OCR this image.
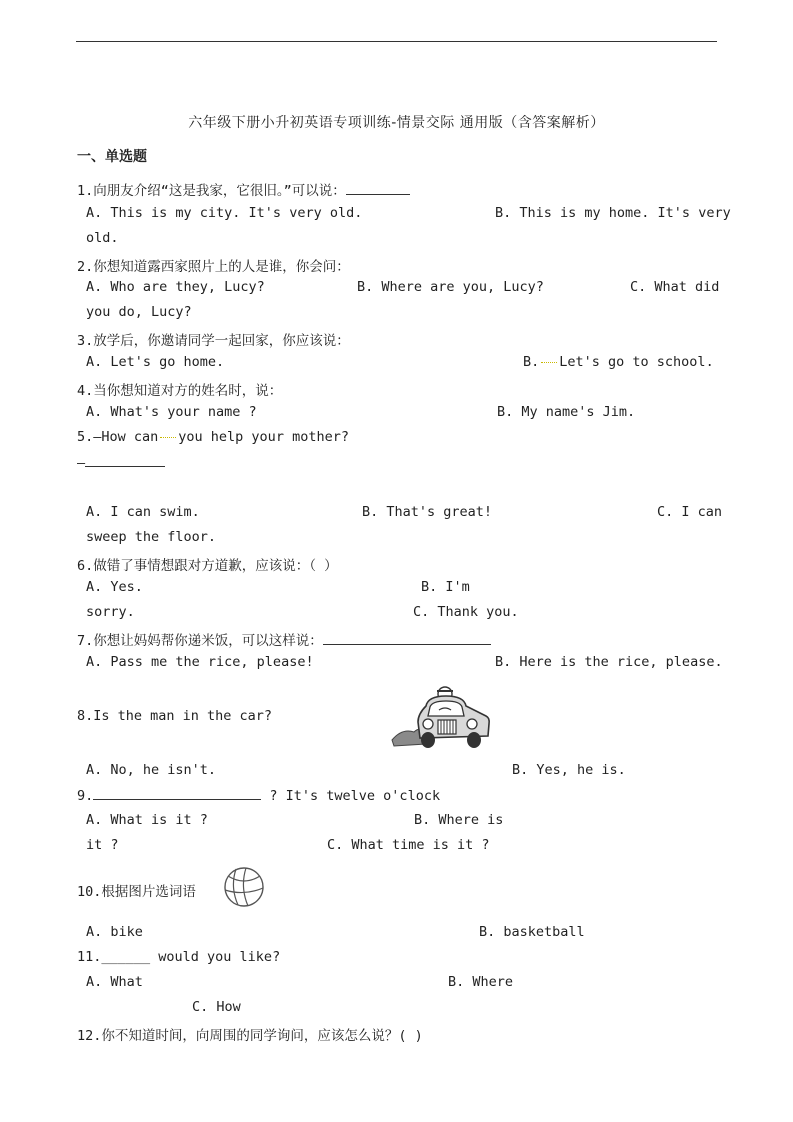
六年级下册小升初英语专项训练-情景交际 通用版（含答案解析）
一、单选题
1.向朋友介绍“这是我家，它很旧。”可以说：
A. This is my city. It's very old.	B. This is my home. It's very
old.
2.你想知道露西家照片上的人是谁，你会问：
A. Who are they, Lucy?	B. Where are you, Lucy?	C. What did
you do, Lucy?
3.放学后，你邀请同学一起回家，你应该说：
A. Let's go home.	B. Let's go to school.
4.当你想知道对方的姓名时，说：
A. What's your name ?	B. My name's Jim.
5.—How can you help your mother?
—
A. I can swim.	B. That's great!	C. I can
sweep the floor.
6.做错了事情想跟对方道歉，应该说：（ ）
A. Yes.	B. I'm
sorry.	C. Thank you.
7.你想让妈妈帮你递米饭，可以这样说：
A. Pass me the rice, please!	B. Here is the rice, please.
8.Is the man in the car?
A. No, he isn't.	B. Yes, he is.
9.	? It's twelve o'clock
A. What is it ?	B. Where is
it ?	C. What time is it ?
10.根据图片选词语
A. bike	B. basketball
11.______ would you like?
A. What	B. Where
C. How
12.你不知道时间，向周围的同学询问，应该怎么说？( )
